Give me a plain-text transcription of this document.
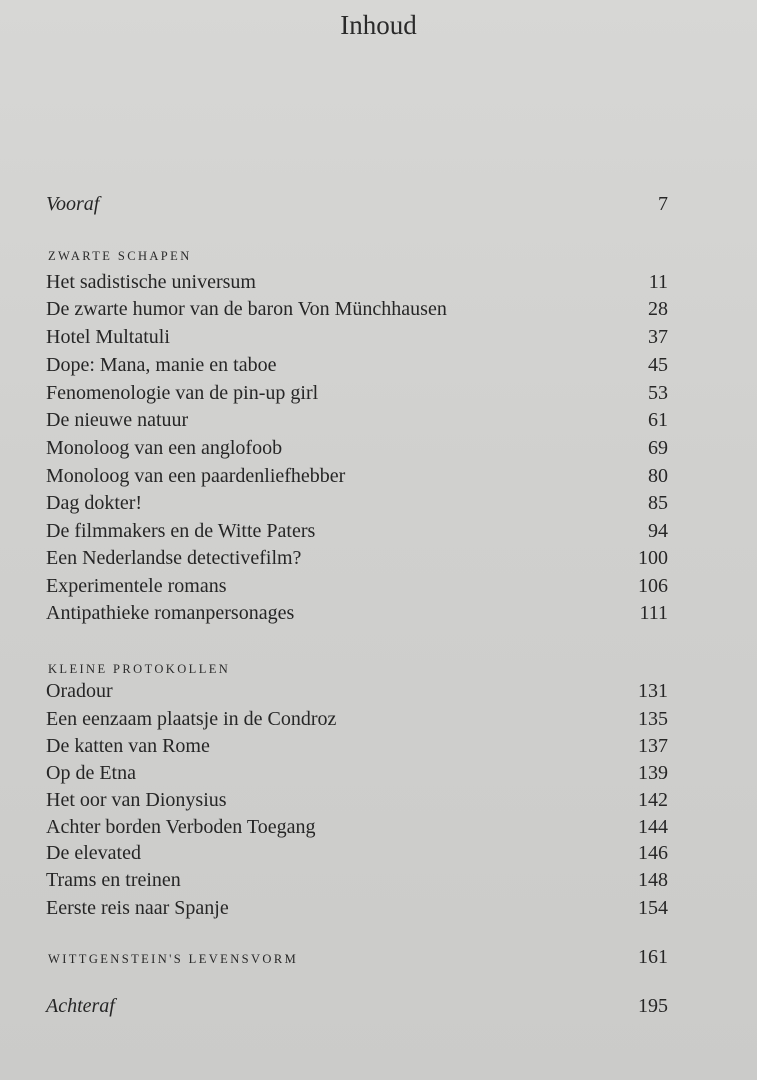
Inhoud
Vooraf	7
ZWARTE SCHAPEN
Het sadistische universum	11
De zwarte humor van de baron Von Münchhausen	28
Hotel Multatuli	37
Dope: Mana, manie en taboe	45
Fenomenologie van de pin-up girl	53
De nieuwe natuur	61
Monoloog van een anglofoob	69
Monoloog van een paardenliefhebber	80
Dag dokter!	85
De filmmakers en de Witte Paters	94
Een Nederlandse detectivefilm?	100
Experimentele romans	106
Antipathieke romanpersonages	111
KLEINE PROTOKOLLEN
Oradour	131
Een eenzaam plaatsje in de Condroz	135
De katten van Rome	137
Op de Etna	139
Het oor van Dionysius	142
Achter borden Verboden Toegang	144
De elevated	146
Trams en treinen	148
Eerste reis naar Spanje	154
WITTGENSTEIN'S LEVENSVORM	161
Achteraf	195
